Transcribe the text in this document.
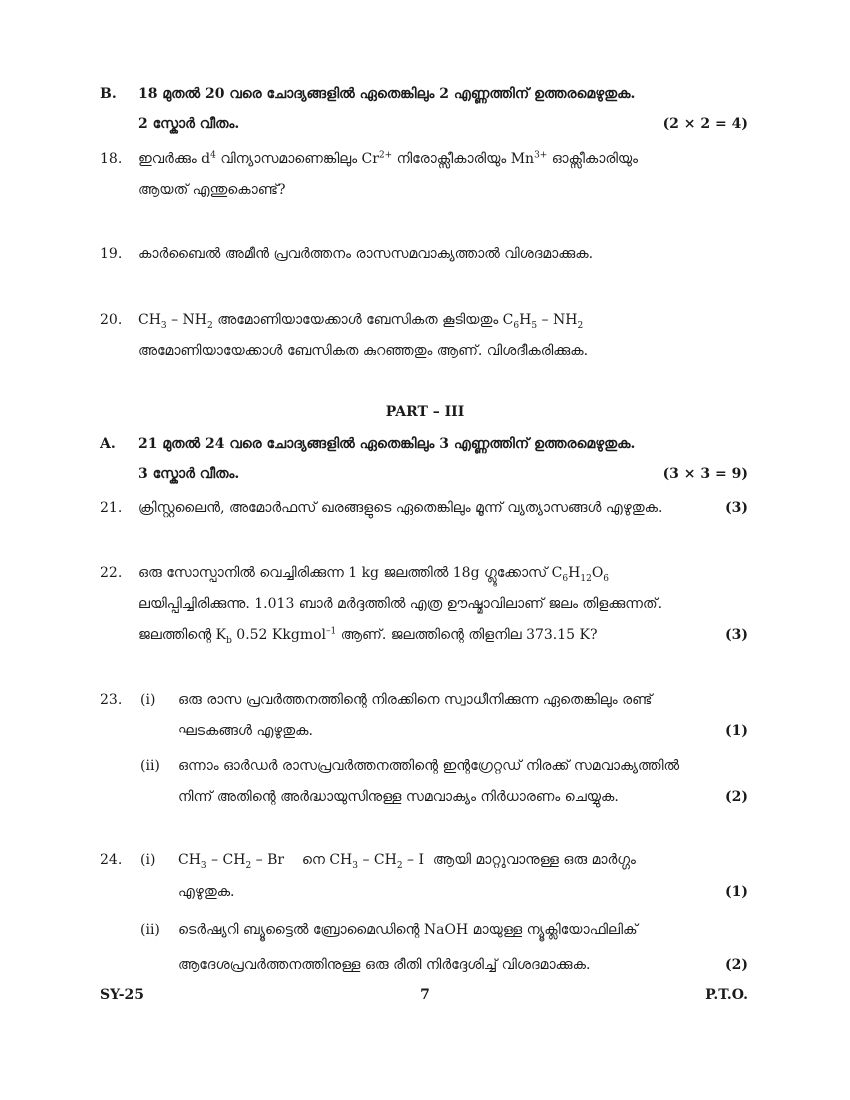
B. 18 മുതൽ 20 വരെ ചോദ്യങ്ങളിൽ ഏതെങ്കിലും 2 എണ്ണത്തിന് ഉത്തരമെഴുതുക.
2 സ്കോർ വീതം.	(2 × 2 = 4)
18. ഇവർക്കും $d^4$ വിന്യാസമാണെങ്കിലും $Cr^{2+}$ നിരോക്സീകാരിയും $Mn^{3+}$ ഓക്സീകാരിയും
ആയത് എന്തുകൊണ്ട്?
19. കാർബൈൽ അമീൻ പ്രവർത്തനം രാസസമവാക്യത്താൽ വിശദമാക്കുക.
20. $CH_3 - NH_2$ അമോണിയായേക്കാൾ ബേസികത കൂടിയതും $C_6H_5 - NH_2$
അമോണിയായേക്കാൾ ബേസികത കുറഞ്ഞതും ആണ്. വിശദീകരിക്കുക.
PART – III
A. 21 മുതൽ 24 വരെ ചോദ്യങ്ങളിൽ ഏതെങ്കിലും 3 എണ്ണത്തിന് ഉത്തരമെഴുതുക.
3 സ്കോർ വീതം.	(3 × 3 = 9)
21. ക്രിസ്റ്റലൈൻ, അമോർഫസ് ഖരങ്ങളുടെ ഏതെങ്കിലും മൂന്ന് വ്യത്യാസങ്ങൾ എഴുതുക.	(3)
22. ഒരു സോസ്പാനിൽ വെച്ചിരിക്കുന്ന 1 kg ജലത്തിൽ 18g ഗ്ലൂക്കോസ് $C_6H_{12}O_6$
ലയിപ്പിച്ചിരിക്കുന്നു. 1.013 ബാർ മർദ്ദത്തിൽ എത്ര ഊഷ്മാവിലാണ് ജലം തിളക്കുന്നത്.
ജലത്തിന്റെ $K_b$ 0.52 Kkgmol$^{-1}$ ആണ്. ജലത്തിന്റെ തിളനില 373.15 K?	(3)
23. (i) ഒരു രാസ പ്രവർത്തനത്തിന്റെ നിരക്കിനെ സ്വാധീനിക്കുന്ന ഏതെങ്കിലും രണ്ട്
ഘടകങ്ങൾ എഴുതുക.	(1)
(ii) ഒന്നാം ഓർഡർ രാസപ്രവർത്തനത്തിന്റെ ഇന്റഗ്രേറ്റഡ് നിരക്ക് സമവാക്യത്തിൽ
നിന്ന് അതിന്റെ അർദ്ധായുസിനുള്ള സമവാക്യം നിർധാരണം ചെയ്യുക.	(2)
24. (i) $CH_3 - CH_2$ – Br    നെ $CH_3 - CH_2$ – I  ആയി മാറ്റുവാനുള്ള ഒരു മാർഗ്ഗം
എഴുതുക.	(1)
(ii) ടെർഷ്യറി ബ്യൂട്ടൈൽ ബ്രോമൈഡിന്റെ NaOH മായുള്ള ന്യൂക്ലിയോഫിലിക്
ആദേശപ്രവർത്തനത്തിനുള്ള ഒരു രീതി നിർദ്ദേശിച്ച് വിശദമാക്കുക.	(2)
SY-25	7	P.T.O.
